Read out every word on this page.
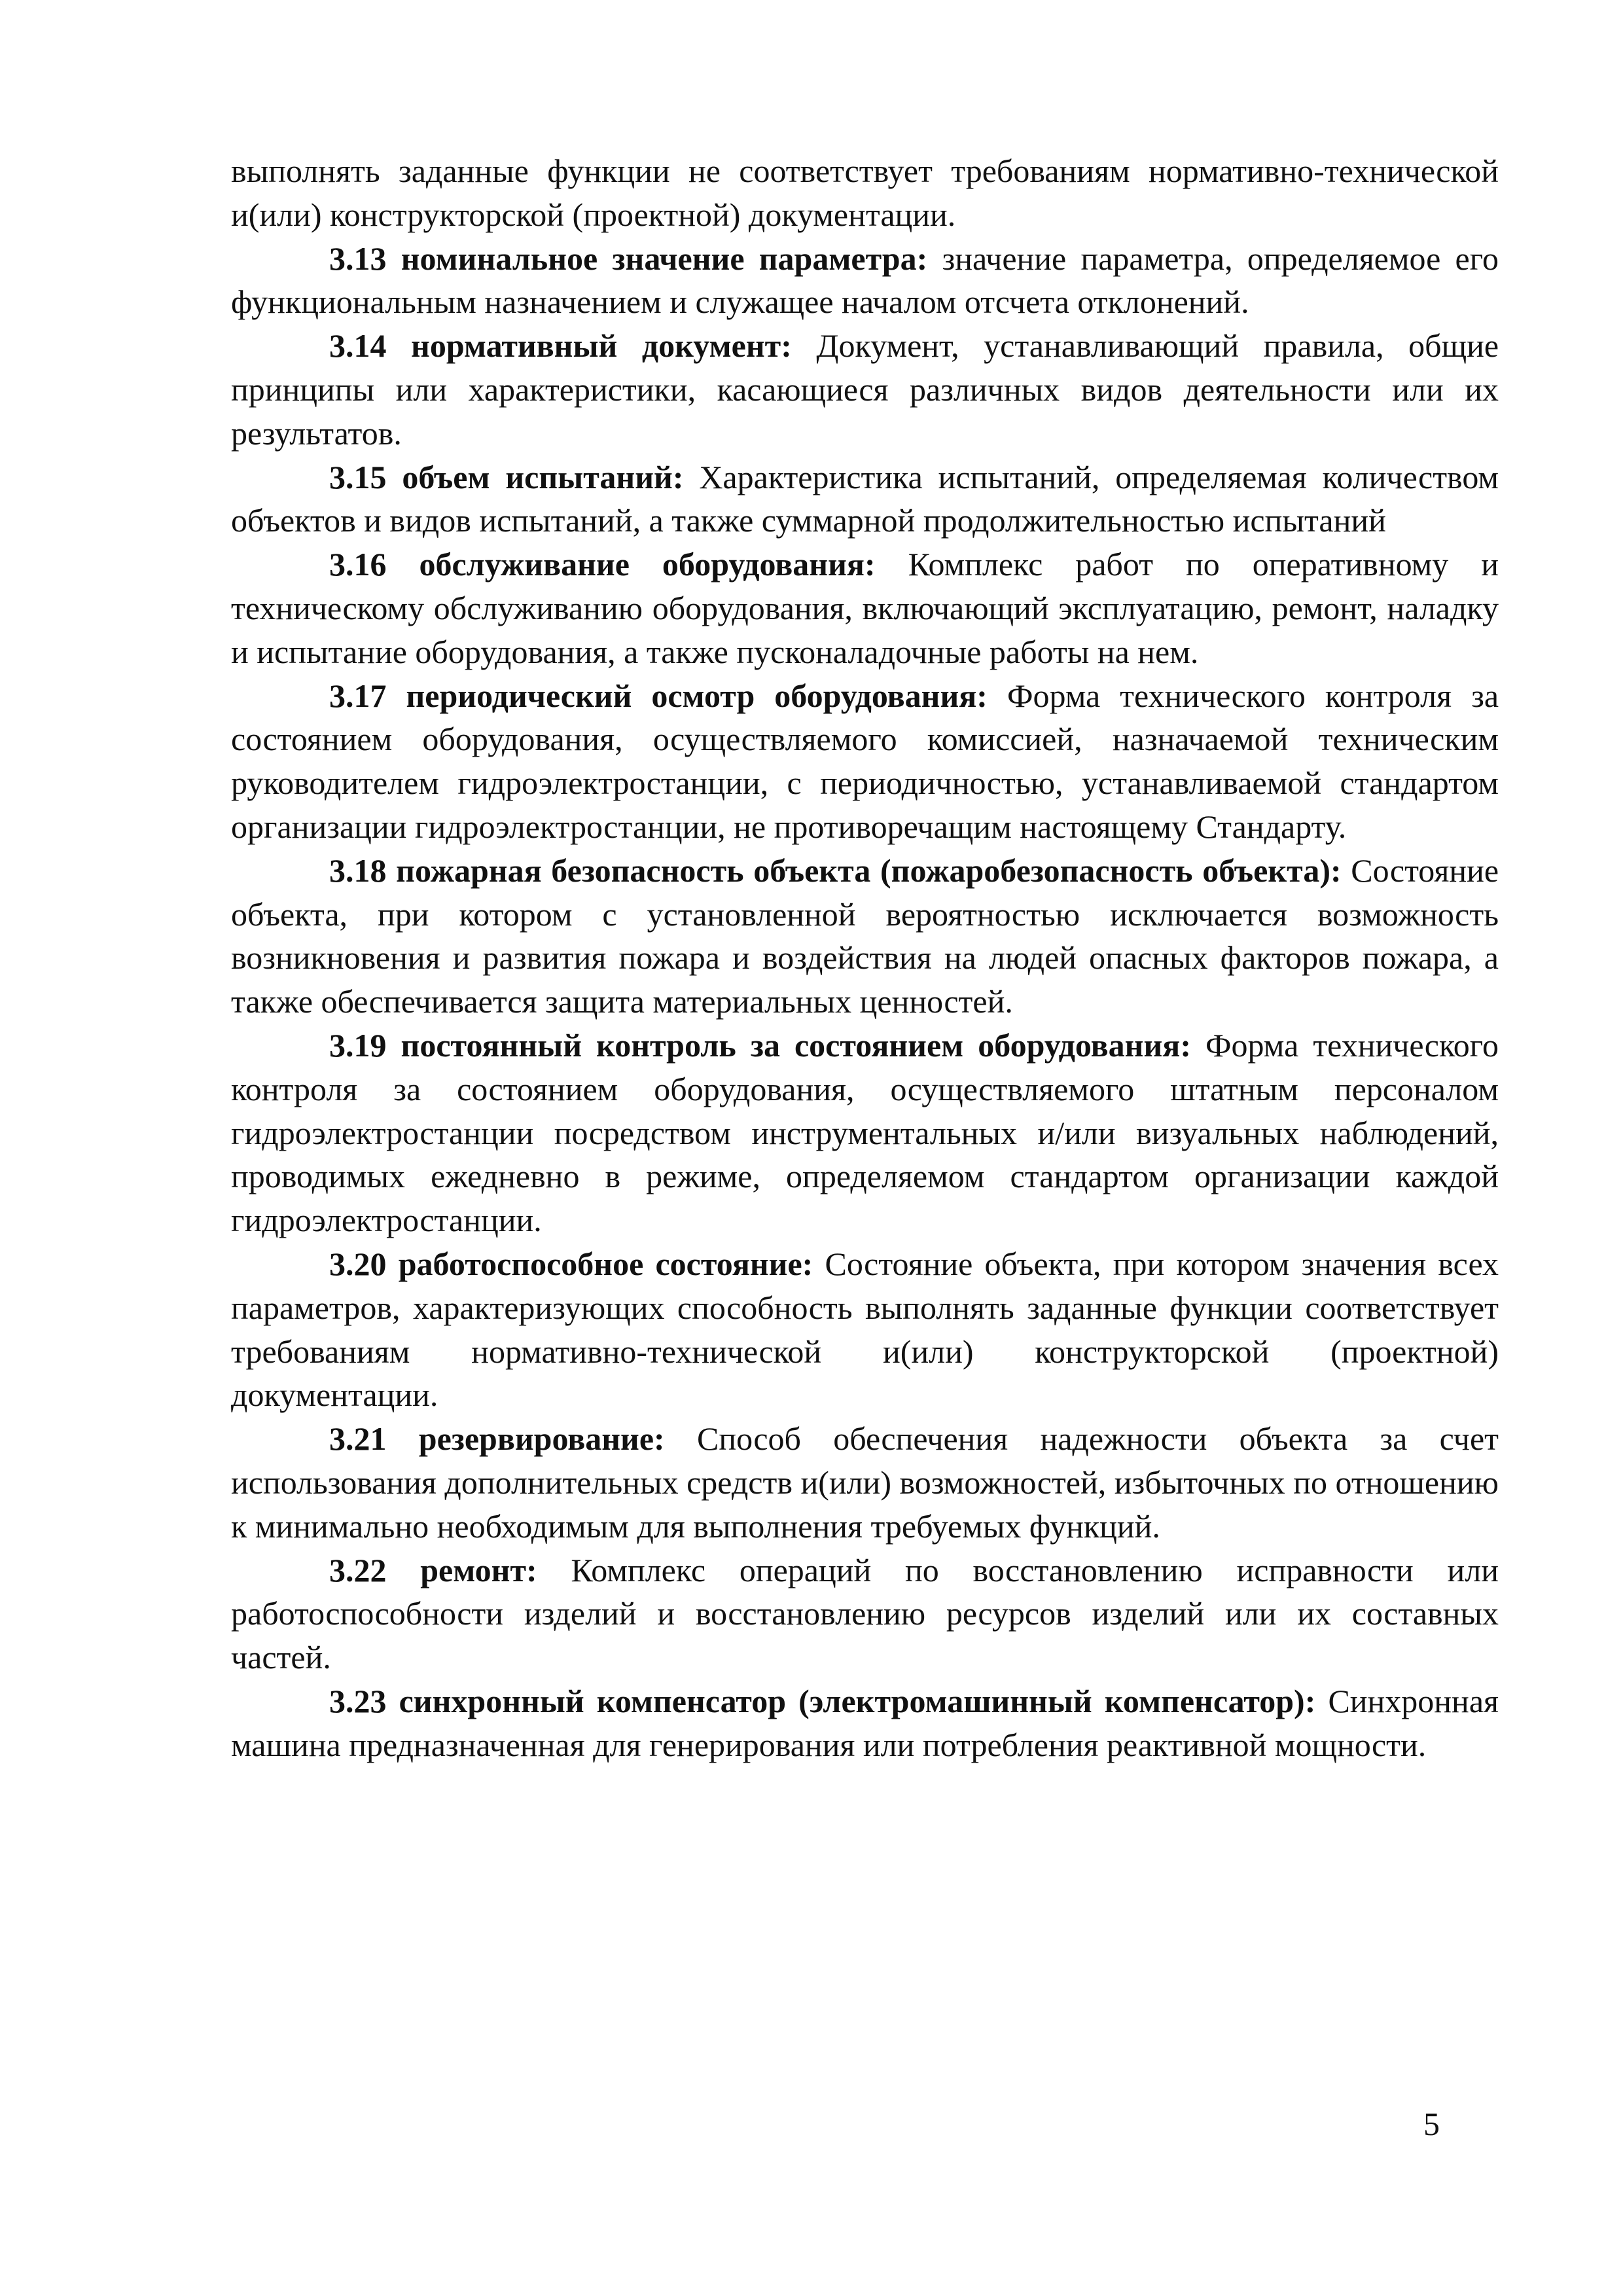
выполнять заданные функции не соответствует требованиям нормативно-технической и(или) конструкторской (проектной) документации.

3.13 номинальное значение параметра: значение параметра, определяемое его функциональным назначением и служащее началом отсчета отклонений.

3.14 нормативный документ: Документ, устанавливающий правила, общие принципы или характеристики, касающиеся различных видов деятельности или их результатов.

3.15 объем испытаний: Характеристика испытаний, определяемая количеством объектов и видов испытаний, а также суммарной продолжительностью испытаний

3.16 обслуживание оборудования: Комплекс работ по оперативному и техническому обслуживанию оборудования, включающий эксплуатацию, ремонт, наладку и испытание оборудования, а также пусконаладочные работы на нем.

3.17 периодический осмотр оборудования: Форма технического контроля за состоянием оборудования, осуществляемого комиссией, назначаемой техническим руководителем гидроэлектростанции, с периодичностью, устанавливаемой стандартом организации гидроэлектростанции, не противоречащим настоящему Стандарту.

3.18 пожарная безопасность объекта (пожаробезопасность объекта): Состояние объекта, при котором с установленной вероятностью исключается возможность возникновения и развития пожара и воздействия на людей опасных факторов пожара, а также обеспечивается защита материальных ценностей.

3.19 постоянный контроль за состоянием оборудования: Форма технического контроля за состоянием оборудования, осуществляемого штатным персоналом гидроэлектростанции посредством инструментальных и/или визуальных наблюдений, проводимых ежедневно в режиме, определяемом стандартом организации каждой гидроэлектростанции.

3.20 работоспособное состояние: Состояние объекта, при котором значения всех параметров, характеризующих способность выполнять заданные функции соответствует требованиям нормативно-технической и(или) конструкторской (проектной) документации.

3.21 резервирование: Способ обеспечения надежности объекта за счет использования дополнительных средств и(или) возможностей, избыточных по отношению к минимально необходимым для выполнения требуемых функций.

3.22 ремонт: Комплекс операций по восстановлению исправности или работоспособности изделий и восстановлению ресурсов изделий или их составных частей.

3.23 синхронный компенсатор (электромашинный компенсатор): Синхронная машина предназначенная для генерирования или потребления реактивной мощности.

5
